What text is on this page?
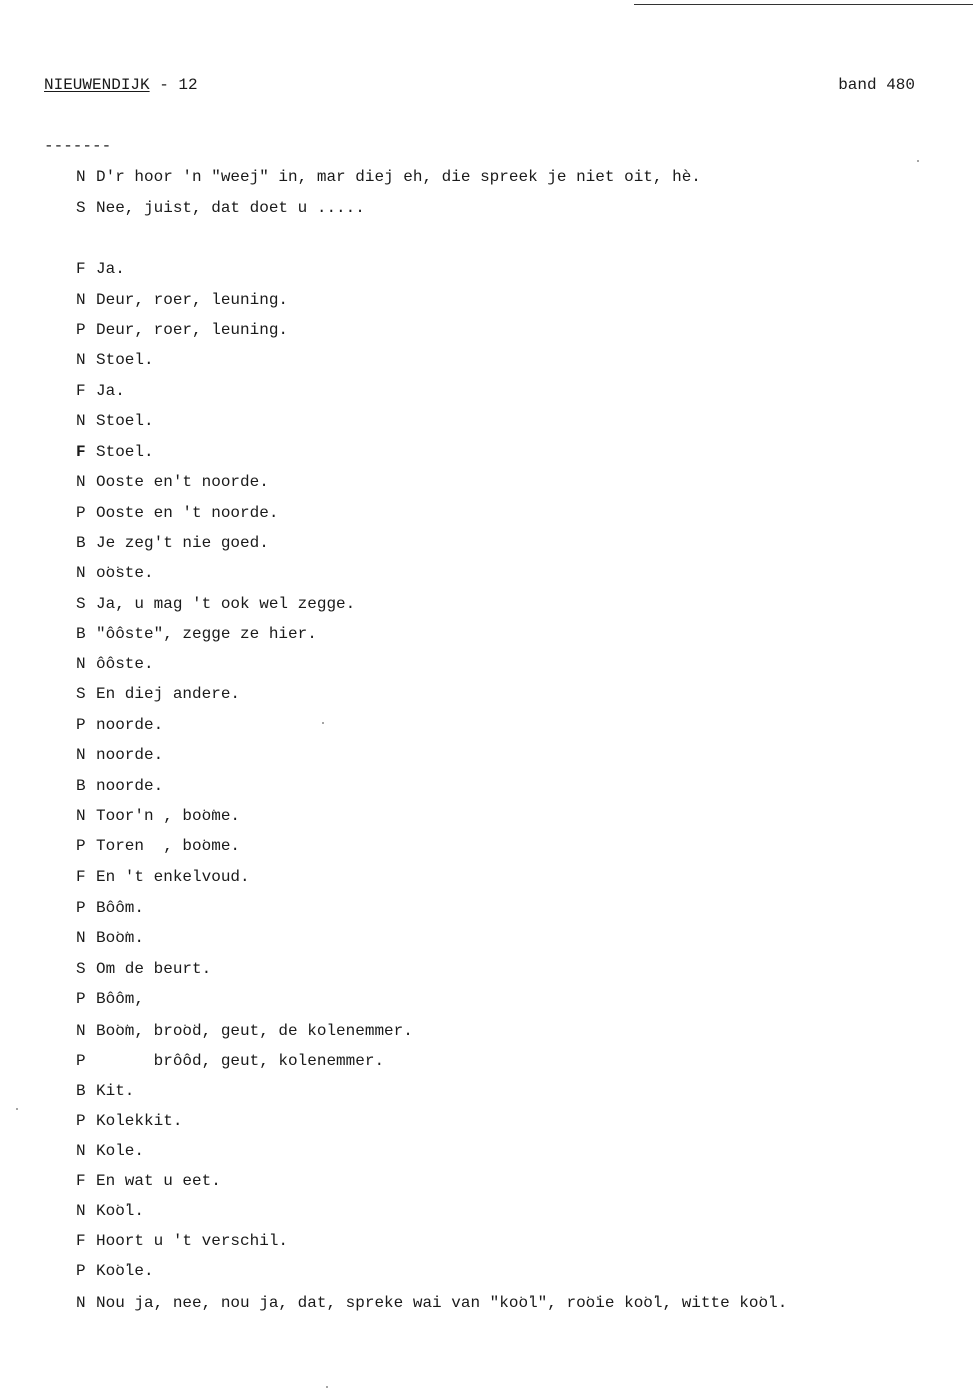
NIEUWENDIJK - 12	band 480
-------
N D'r hoor 'n "weej" in, mar diej eh, die spreek je niet oit, hè.
S Nee, juist, dat doet u .....
F Ja.
N Deur, roer, leuning.
P Deur, roer, leuning.
N Stoel.
F Ja.
N Stoel.
F Stoel.
N Ooste en't noorde.
P Ooste en 't noorde.
B Je zeg't nie goed.
N o͘o͘ste.
S Ja, u mag 't ook wel zegge.
B "ôôste", zegge ze hier.
N ôôste.
S En diej andere.
P noorde.
N noorde.
B noorde.
N Toor'n , bo͘o͘me.
P Toren  , bo͘ome.
F En 't enkelvoud.
P Bôôm.
N Bo͘o͘m.
S Om de beurt.
P Bôôm,
N Bo͘o͘m, bro͘o͘d, geut, de kolenemmer.
P      brôôd, geut, kolenemmer.
B Kit.
P Kolekkit.
N Kole.
F En wat u eet.
N Ko͘o͘l.
F Hoort u 't verschil.
P Ko͘o͘le.
N Nou ja, nee, nou ja, dat, spreke wai van "ko͘o͘l", ro͘o͘ie ko͘o͘l, witte ko͘o͘l.
